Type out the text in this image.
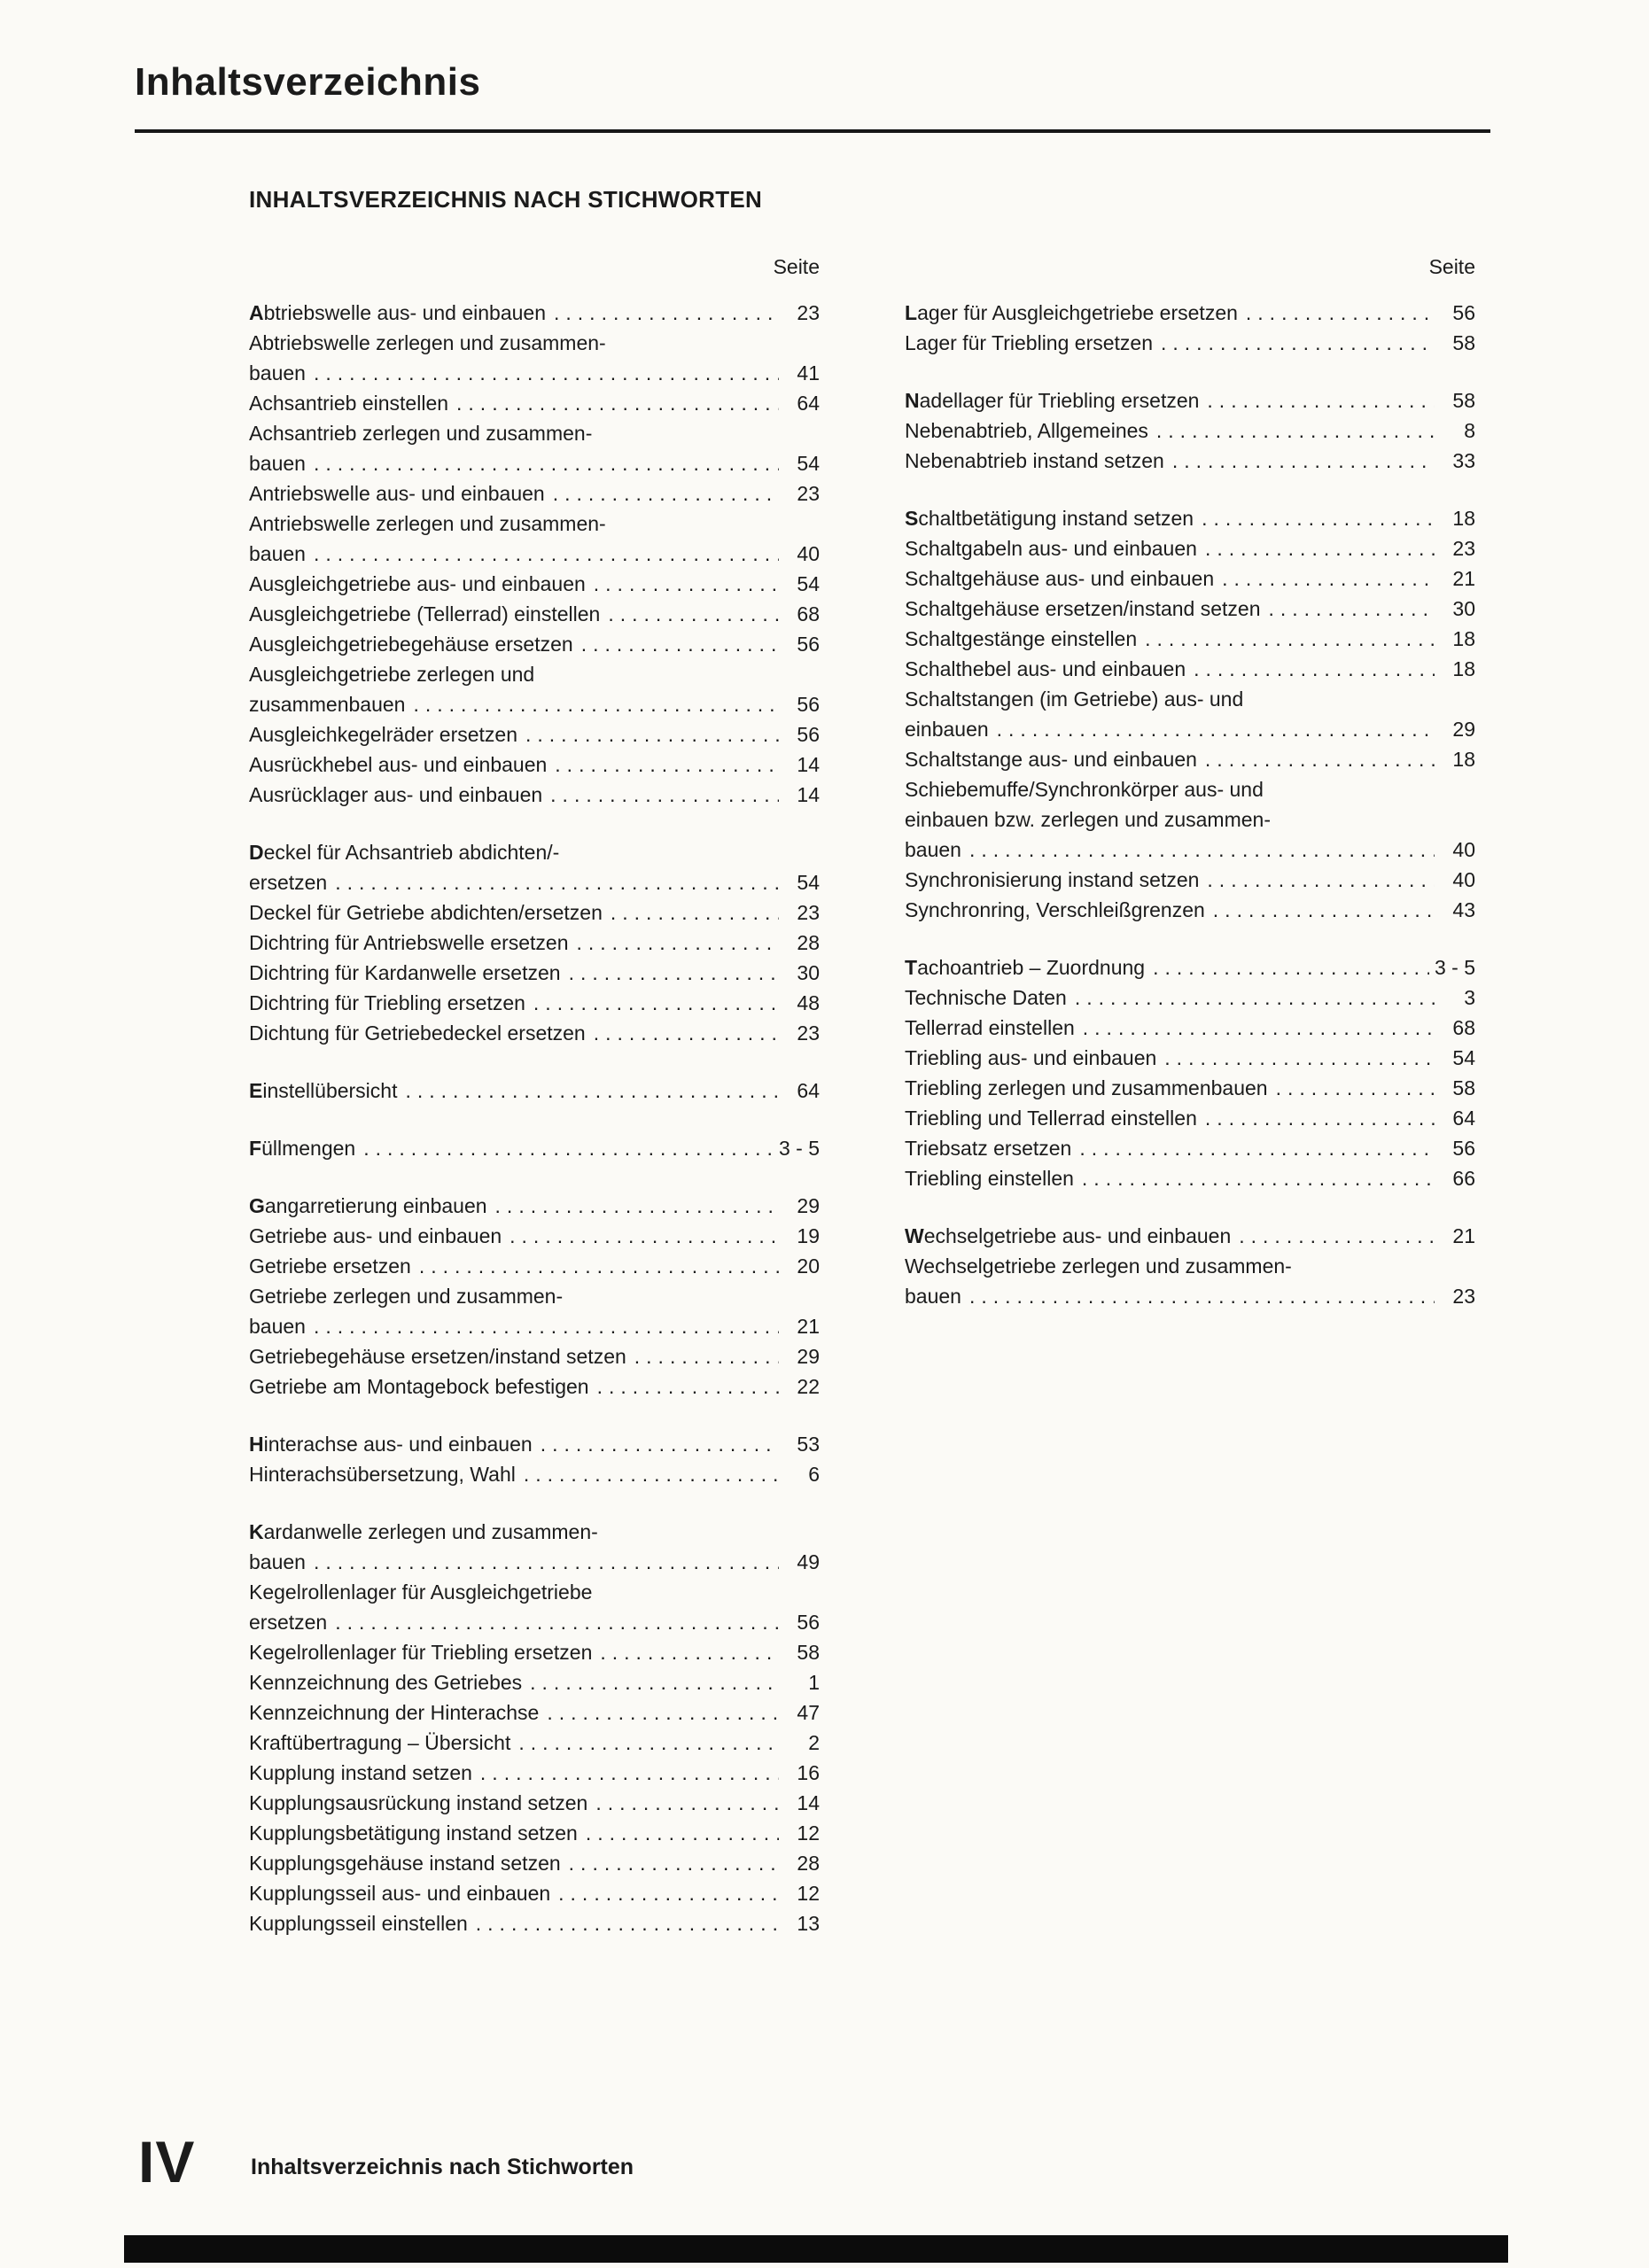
Inhaltsverzeichnis
INHALTSVERZEICHNIS NACH STICHWORTEN
Seite
Abtriebswelle aus- und einbauen .....	23
Abtriebswelle zerlegen und zusammen-
bauen .....	41
Achsantrieb einstellen .....	64
Achsantrieb zerlegen und zusammen-
bauen .....	54
Antriebswelle aus- und einbauen .....	23
Antriebswelle zerlegen und zusammen-
bauen .....	40
Ausgleichgetriebe aus- und einbauen .....	54
Ausgleichgetriebe (Tellerrad) einstellen .....	68
Ausgleichgetriebegehäuse ersetzen .....	56
Ausgleichgetriebe zerlegen und
zusammenbauen .....	56
Ausgleichkegelräder ersetzen .....	56
Ausrückhebel aus- und einbauen .....	14
Ausrücklager aus- und einbauen .....	14
Deckel für Achsantrieb abdichten/-
ersetzen .....	54
Deckel für Getriebe abdichten/ersetzen .....	23
Dichtring für Antriebswelle ersetzen .....	28
Dichtring für Kardanwelle ersetzen .....	30
Dichtring für Triebling ersetzen .....	48
Dichtung für Getriebedeckel ersetzen .....	23
Einstellübersicht .....	64
Füllmengen .....	3 - 5
Gangarretierung einbauen .....	29
Getriebe aus- und einbauen .....	19
Getriebe ersetzen .....	20
Getriebe zerlegen und zusammen-
bauen .....	21
Getriebegehäuse ersetzen/instand setzen .....	29
Getriebe am Montagebock befestigen .....	22
Hinterachse aus- und einbauen .....	53
Hinterachsübersetzung, Wahl .....	6
Kardanwelle zerlegen und zusammen-
bauen .....	49
Kegelrollenlager für Ausgleichgetriebe
ersetzen .....	56
Kegelrollenlager für Triebling ersetzen .....	58
Kennzeichnung des Getriebes .....	1
Kennzeichnung der Hinterachse .....	47
Kraftübertragung – Übersicht .....	2
Kupplung instand setzen .....	16
Kupplungsausrückung instand setzen .....	14
Kupplungsbetätigung instand setzen .....	12
Kupplungsgehäuse instand setzen .....	28
Kupplungsseil aus- und einbauen .....	12
Kupplungsseil einstellen .....	13
Seite
Lager für Ausgleichgetriebe ersetzen .....	56
Lager für Triebling ersetzen .....	58
Nadellager für Triebling ersetzen .....	58
Nebenabtrieb, Allgemeines .....	8
Nebenabtrieb instand setzen .....	33
Schaltbetätigung instand setzen .....	18
Schaltgabeln aus- und einbauen .....	23
Schaltgehäuse aus- und einbauen .....	21
Schaltgehäuse ersetzen/instand setzen .....	30
Schaltgestänge einstellen .....	18
Schalthebel aus- und einbauen .....	18
Schaltstangen (im Getriebe) aus- und
einbauen .....	29
Schaltstange aus- und einbauen .....	18
Schiebemuffe/Synchronkörper aus- und
einbauen bzw. zerlegen und zusammen-
bauen .....	40
Synchronisierung instand setzen .....	40
Synchronring, Verschleißgrenzen .....	43
Tachoantrieb – Zuordnung .....	3 - 5
Technische Daten .....	3
Tellerrad einstellen .....	68
Triebling aus- und einbauen .....	54
Triebling zerlegen und zusammenbauen .....	58
Triebling und Tellerrad einstellen .....	64
Triebsatz ersetzen .....	56
Triebling einstellen .....	66
Wechselgetriebe aus- und einbauen .....	21
Wechselgetriebe zerlegen und zusammen-
bauen .....	23
IV	Inhaltsverzeichnis nach Stichworten
